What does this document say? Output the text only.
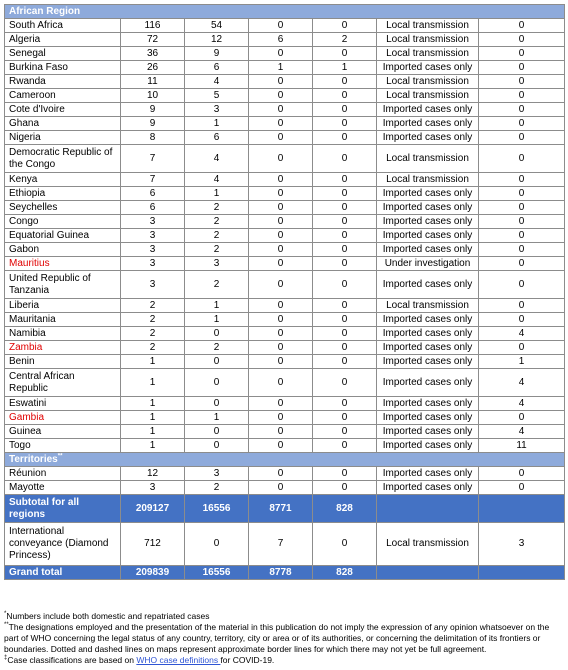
African Region						
South Africa	116	54	0	0	Local transmission	0
Algeria	72	12	6	2	Local transmission	0
Senegal	36	9	0	0	Local transmission	0
Burkina Faso	26	6	1	1	Imported cases only	0
Rwanda	11	4	0	0	Local transmission	0
Cameroon	10	5	0	0	Local transmission	0
Cote d'Ivoire	9	3	0	0	Imported cases only	0
Ghana	9	1	0	0	Imported cases only	0
Nigeria	8	6	0	0	Imported cases only	0
Democratic Republic of the Congo	7	4	0	0	Local transmission	0
Kenya	7	4	0	0	Local transmission	0
Ethiopia	6	1	0	0	Imported cases only	0
Seychelles	6	2	0	0	Imported cases only	0
Congo	3	2	0	0	Imported cases only	0
Equatorial Guinea	3	2	0	0	Imported cases only	0
Gabon	3	2	0	0	Imported cases only	0
Mauritius	3	3	0	0	Under investigation	0
United Republic of Tanzania	3	2	0	0	Imported cases only	0
Liberia	2	1	0	0	Local transmission	0
Mauritania	2	1	0	0	Imported cases only	0
Namibia	2	0	0	0	Imported cases only	4
Zambia	2	2	0	0	Imported cases only	0
Benin	1	0	0	0	Imported cases only	1
Central African Republic	1	0	0	0	Imported cases only	4
Eswatini	1	0	0	0	Imported cases only	4
Gambia	1	1	0	0	Imported cases only	0
Guinea	1	0	0	0	Imported cases only	4
Togo	1	0	0	0	Imported cases only	11
Territories**
Réunion	12	3	0	0	Imported cases only	0
Mayotte	3	2	0	0	Imported cases only	0
Subtotal for all regions	209127	16556	8771	828		
International conveyance (Diamond Princess)	712	0	7	0	Local transmission	3
Grand total	209839	16556	8778	828		

*Numbers include both domestic and repatriated cases

**The designations employed and the presentation of the material in this publication do not imply the expression of any opinion whatsoever on the part of WHO concerning the legal status of any country, territory, city or area or of its authorities, or concerning the delimitation of its frontiers or boundaries. Dotted and dashed lines on maps represent approximate border lines for which there may not yet be full agreement.

‡Case classifications are based on WHO case definitions for COVID-19.
